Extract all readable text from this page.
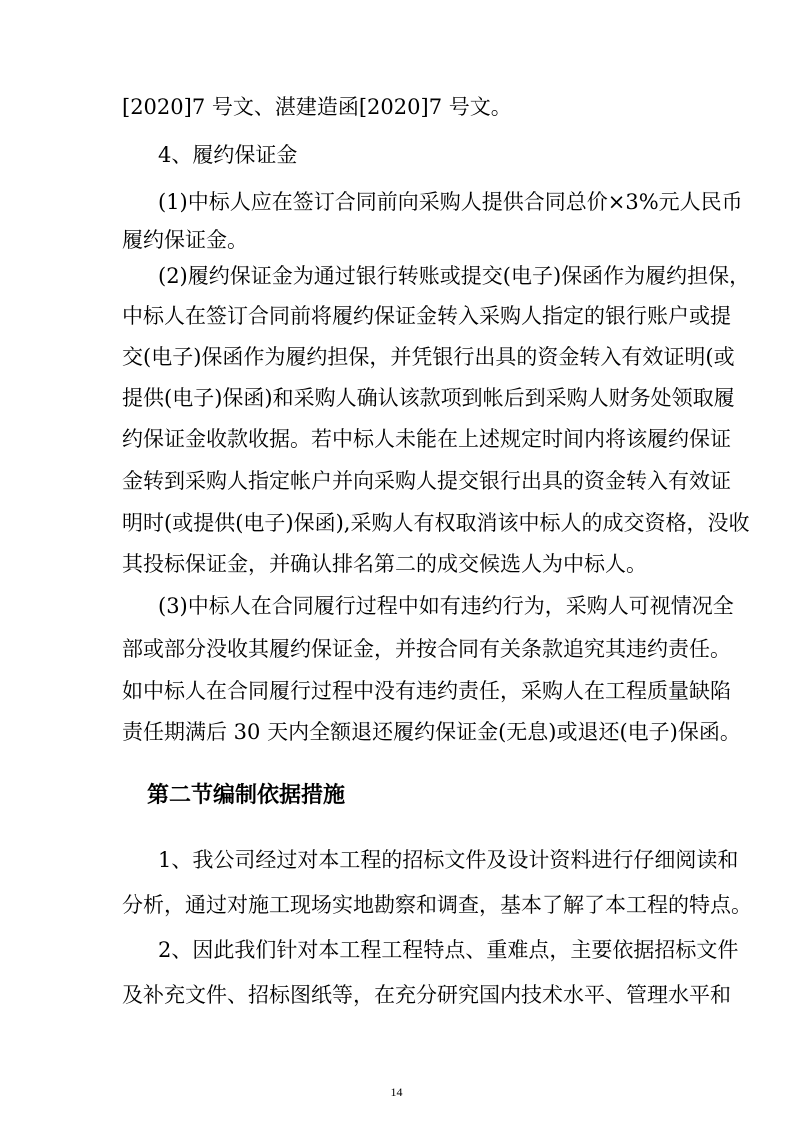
[2020]7 号文、湛建造函[2020]7 号文。
4、履约保证金
(1)中标人应在签订合同前向采购人提供合同总价×3%元人民币
履约保证金。
(2)履约保证金为通过银行转账或提交(电子)保函作为履约担保，
中标人在签订合同前将履约保证金转入采购人指定的银行账户或提
交(电子)保函作为履约担保，并凭银行出具的资金转入有效证明(或
提供(电子)保函)和采购人确认该款项到帐后到采购人财务处领取履
约保证金收款收据。若中标人未能在上述规定时间内将该履约保证
金转到采购人指定帐户并向采购人提交银行出具的资金转入有效证
明时(或提供(电子)保函),采购人有权取消该中标人的成交资格，没收
其投标保证金，并确认排名第二的成交候选人为中标人。
(3)中标人在合同履行过程中如有违约行为，采购人可视情况全
部或部分没收其履约保证金，并按合同有关条款追究其违约责任。
如中标人在合同履行过程中没有违约责任，采购人在工程质量缺陷
责任期满后 30 天内全额退还履约保证金(无息)或退还(电子)保函。
第二节编制依据措施
1、我公司经过对本工程的招标文件及设计资料进行仔细阅读和
分析，通过对施工现场实地勘察和调查，基本了解了本工程的特点。
2、因此我们针对本工程工程特点、重难点，主要依据招标文件
及补充文件、招标图纸等，在充分研究国内技术水平、管理水平和
14
